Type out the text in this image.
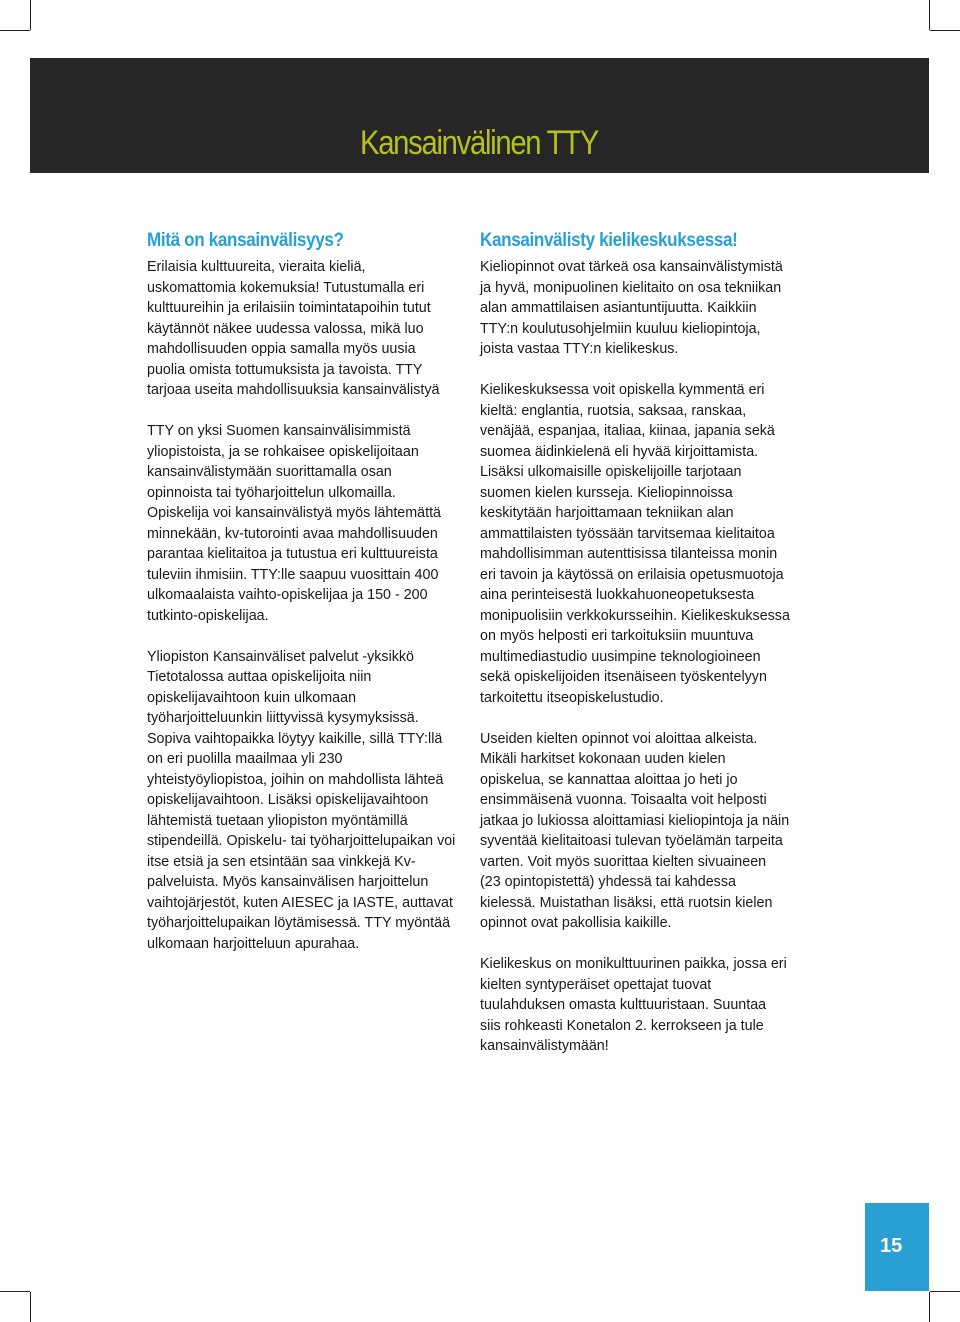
Kansainvälinen TTY
Mitä on kansainvälisyys?

Erilaisia kulttuureita, vieraita kieliä, uskomattomia kokemuksia! Tutustumalla eri kulttuureihin ja erilaisiin toimintatapoihin tutut käytännöt näkee uudessa valossa, mikä luo mahdollisuuden oppia samalla myös uusia puolia omista tottumuksista ja tavoista. TTY tarjoaa useita mahdollisuuksia kansainvälistyä

TTY on yksi Suomen kansainvälisimmistä yliopistoista, ja se rohkaisee opiskelijoitaan kansainvälistymään suorittamalla osan opinnoista tai työharjoittelun ulkomailla. Opiskelija voi kansainvälistyä myös lähtemättä minnekään, kv-tutorointi avaa mahdollisuuden parantaa kielitaitoa ja tutustua eri kulttuureista tuleviin ihmisiin. TTY:lle saapuu vuosittain 400 ulkomaalaista vaihto-opiskelijaa ja 150 - 200 tutkinto-opiskelijaa.

Yliopiston Kansainväliset palvelut -yksikkö Tietotalossa auttaa opiskelijoita niin opiskelijavaihtoon kuin ulkomaan työharjoitteluunkin liittyvissä kysymyksissä. Sopiva vaihtopaikka löytyy kaikille, sillä TTY:llä on eri puolilla maailmaa yli 230 yhteistyöyliopistoa, joihin on mahdollista lähteä opiskelijavaihtoon. Lisäksi opiskelijavaihtoon lähtemistä tuetaan yliopiston myöntämillä stipendeillä. Opiskelu- tai työharjoittelupaikan voi itse etsiä ja sen etsintään saa vinkkejä Kv-palveluista. Myös kansainvälisen harjoittelun vaihtojärjestöt, kuten AIESEC ja IASTE, auttavat työharjoittelupaikan löytämisessä. TTY myöntää ulkomaan harjoitteluun apurahaa.

Kansainvälisty kielikeskuksessa!

Kieliopinnot ovat tärkeä osa kansainvälistymistä ja hyvä, monipuolinen kielitaito on osa tekniikan alan ammattilaisen asiantuntijuutta. Kaikkiin TTY:n koulutusohjelmiin kuuluu kieliopintoja, joista vastaa TTY:n kielikeskus.

Kielikeskuksessa voit opiskella kymmentä eri kieltä: englantia, ruotsia, saksaa, ranskaa, venäjää, espanjaa, italiaa, kiinaa, japania sekä suomea äidinkielenä eli hyvää kirjoittamista. Lisäksi ulkomaisille opiskelijoille tarjotaan suomen kielen kursseja. Kieliopinnoissa keskitytään harjoittamaan tekniikan alan ammattilaisten työssään tarvitsemaa kielitaitoa mahdollisimman autenttisissa tilanteissa monin eri tavoin ja käytössä on erilaisia opetusmuotoja aina perinteisestä luokkahuoneopetuksesta monipuolisiin verkkokursseihin. Kielikeskuksessa on myös helposti eri tarkoituksiin muuntuva multimediastudio uusimpine teknologioineen sekä opiskelijoiden itsenäiseen työskentelyyn tarkoitettu itseopiskelustudio.

Useiden kielten opinnot voi aloittaa alkeista. Mikäli harkitset kokonaan uuden kielen opiskelua, se kannattaa aloittaa jo heti jo ensimmäisenä vuonna. Toisaalta voit helposti jatkaa jo lukiossa aloittamiasi kieliopintoja ja näin syventää kielitaitoasi tulevan työelämän tarpeita varten. Voit myös suorittaa kielten sivuaineen (23 opintopistettä) yhdessä tai kahdessa kielessä. Muistathan lisäksi, että ruotsin kielen opinnot ovat pakollisia kaikille.

Kielikeskus on monikulttuurinen paikka, jossa eri kielten syntyperäiset opettajat tuovat tuulahduksen omasta kulttuuristaan. Suuntaa siis rohkeasti Konetalon 2. kerrokseen ja tule kansainvälistymään!

15
